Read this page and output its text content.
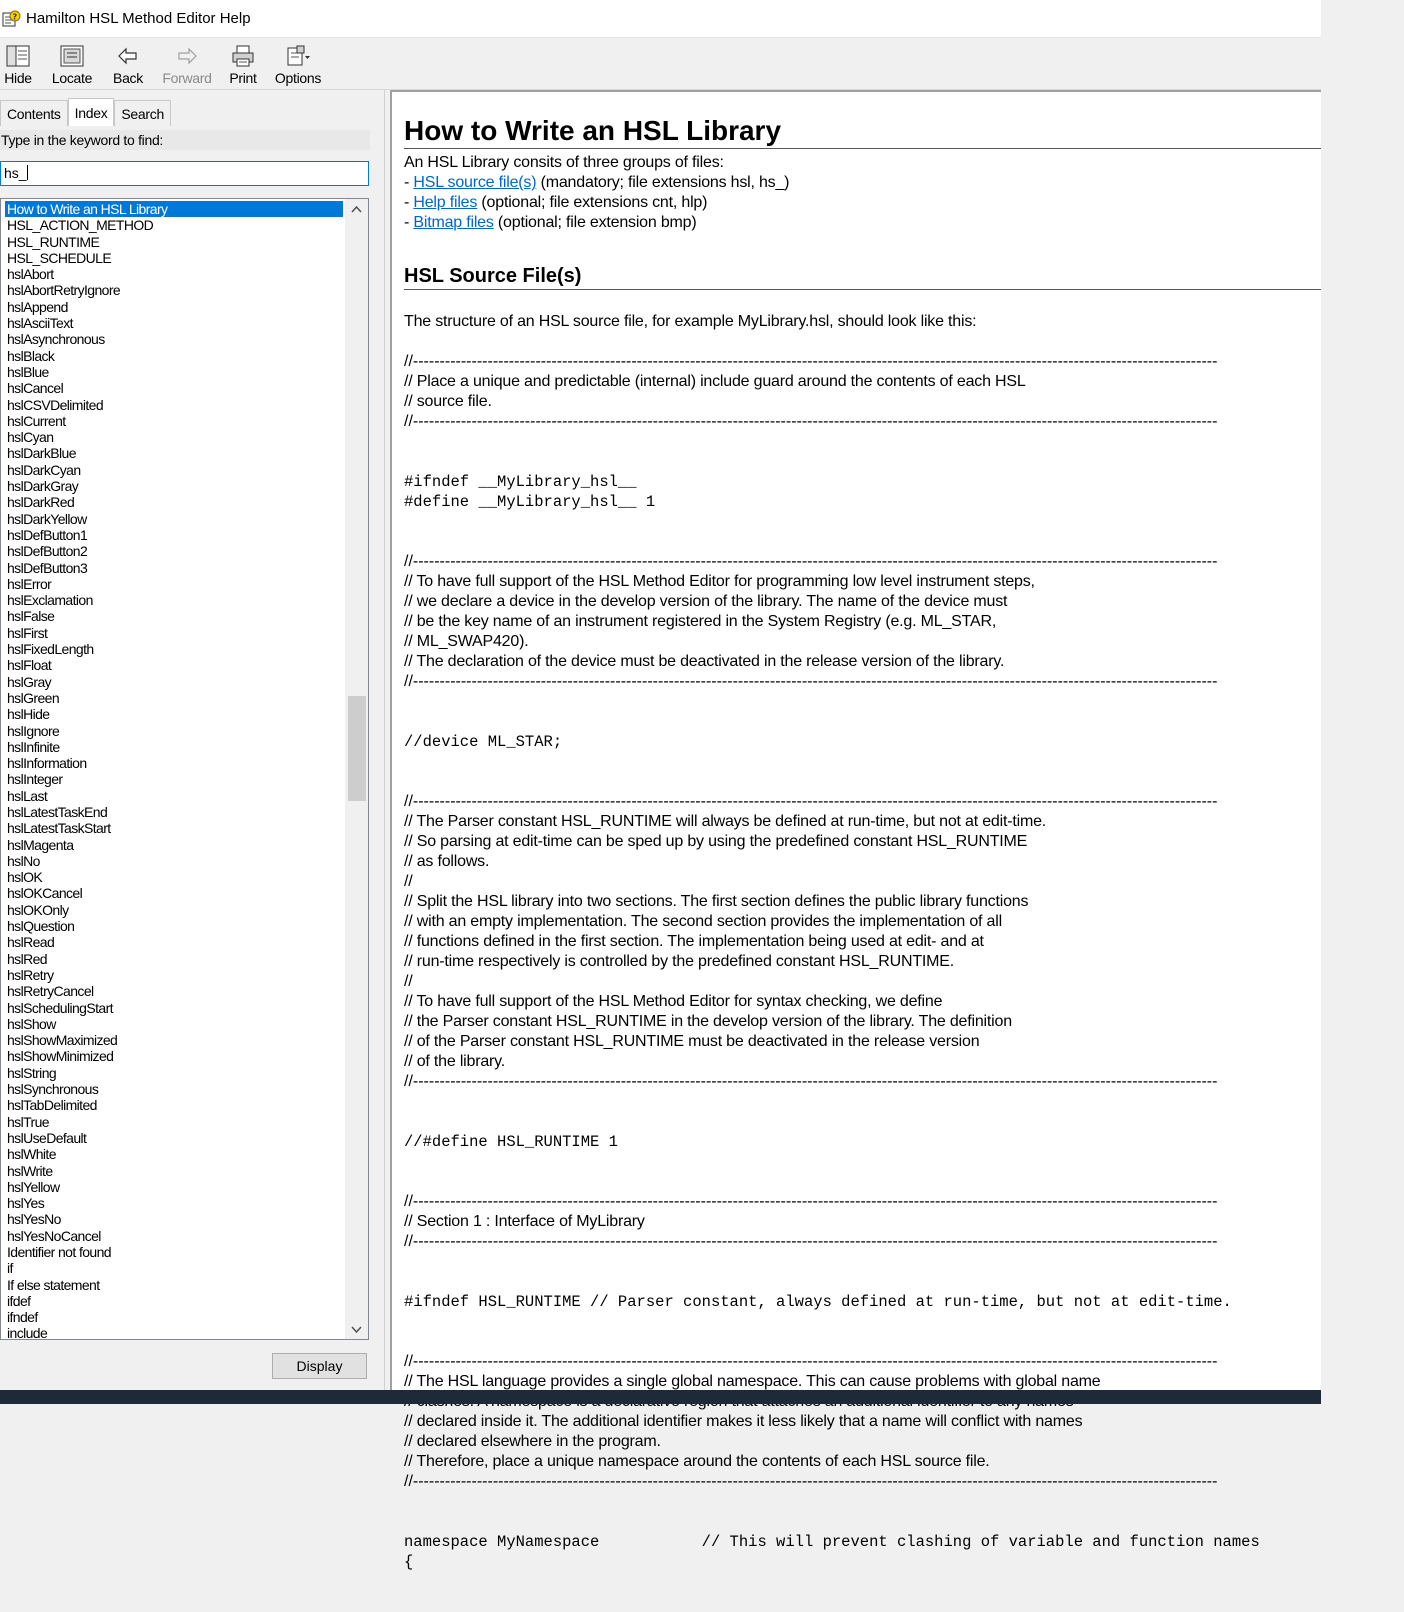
? Hamilton HSL Method Editor Help
Hide Locate Back Forward Print Options
Contents	Index	Search
Type in the keyword to find:
hs_
How to Write an HSL Library
HSL_ACTION_METHOD
HSL_RUNTIME
HSL_SCHEDULE
hslAbort
hslAbortRetryIgnore
hslAppend
hslAsciiText
hslAsynchronous
hslBlack
hslBlue
hslCancel
hslCSVDelimited
hslCurrent
hslCyan
hslDarkBlue
hslDarkCyan
hslDarkGray
hslDarkRed
hslDarkYellow
hslDefButton1
hslDefButton2
hslDefButton3
hslError
hslExclamation
hslFalse
hslFirst
hslFixedLength
hslFloat
hslGray
hslGreen
hslHide
hslIgnore
hslInfinite
hslInformation
hslInteger
hslLast
hslLatestTaskEnd
hslLatestTaskStart
hslMagenta
hslNo
hslOK
hslOKCancel
hslOKOnly
hslQuestion
hslRead
hslRed
hslRetry
hslRetryCancel
hslSchedulingStart
hslShow
hslShowMaximized
hslShowMinimized
hslString
hslSynchronous
hslTabDelimited
hslTrue
hslUseDefault
hslWhite
hslWrite
hslYellow
hslYes
hslYesNo
hslYesNoCancel
Identifier not found
if
If else statement
ifdef
ifndef
include
Display
How to Write an HSL Library
An HSL Library consits of three groups of files:
- HSL source file(s) (mandatory; file extensions hsl, hs_)
- Help files (optional; file extensions cnt, hlp)
- Bitmap files (optional; file extension bmp)
HSL Source File(s)
The structure of an HSL source file, for example MyLibrary.hsl, should look like this:
//-------------------------------------------------------------------------------------------------------------------------------------------------------
// Place a unique and predictable (internal) include guard around the contents of each HSL
// source file.
//-------------------------------------------------------------------------------------------------------------------------------------------------------
#ifndef __MyLibrary_hsl__
#define __MyLibrary_hsl__ 1
//-------------------------------------------------------------------------------------------------------------------------------------------------------
// To have full support of the HSL Method Editor for programming low level instrument steps,
// we declare a device in the develop version of the library. The name of the device must
// be the key name of an instrument registered in the System Registry (e.g. ML_STAR,
// ML_SWAP420).
// The declaration of the device must be deactivated in the release version of the library.
//-------------------------------------------------------------------------------------------------------------------------------------------------------
//device ML_STAR;
//-------------------------------------------------------------------------------------------------------------------------------------------------------
// The Parser constant HSL_RUNTIME will always be defined at run-time, but not at edit-time.
// So parsing at edit-time can be sped up by using the predefined constant HSL_RUNTIME
// as follows.
//
// Split the HSL library into two sections. The first section defines the public library functions
// with an empty implementation. The second section provides the implementation of all
// functions defined in the first section. The implementation being used at edit- and at
// run-time respectively is controlled by the predefined constant HSL_RUNTIME.
//
// To have full support of the HSL Method Editor for syntax checking, we define
// the Parser constant HSL_RUNTIME in the develop version of the library. The definition
// of the Parser constant HSL_RUNTIME must be deactivated in the release version
// of the library.
//-------------------------------------------------------------------------------------------------------------------------------------------------------
//#define HSL_RUNTIME 1
//-------------------------------------------------------------------------------------------------------------------------------------------------------
// Section 1 : Interface of MyLibrary
//-------------------------------------------------------------------------------------------------------------------------------------------------------
#ifndef HSL_RUNTIME // Parser constant, always defined at run-time, but not at edit-time.
//-------------------------------------------------------------------------------------------------------------------------------------------------------
// The HSL language provides a single global namespace. This can cause problems with global name
// declared inside it. The additional identifier makes it less likely that a name will conflict with names
// declared elsewhere in the program.
// Therefore, place a unique namespace around the contents of each HSL source file.
//-------------------------------------------------------------------------------------------------------------------------------------------------------
namespace MyNamespace           // This will prevent clashing of variable and function names
{
